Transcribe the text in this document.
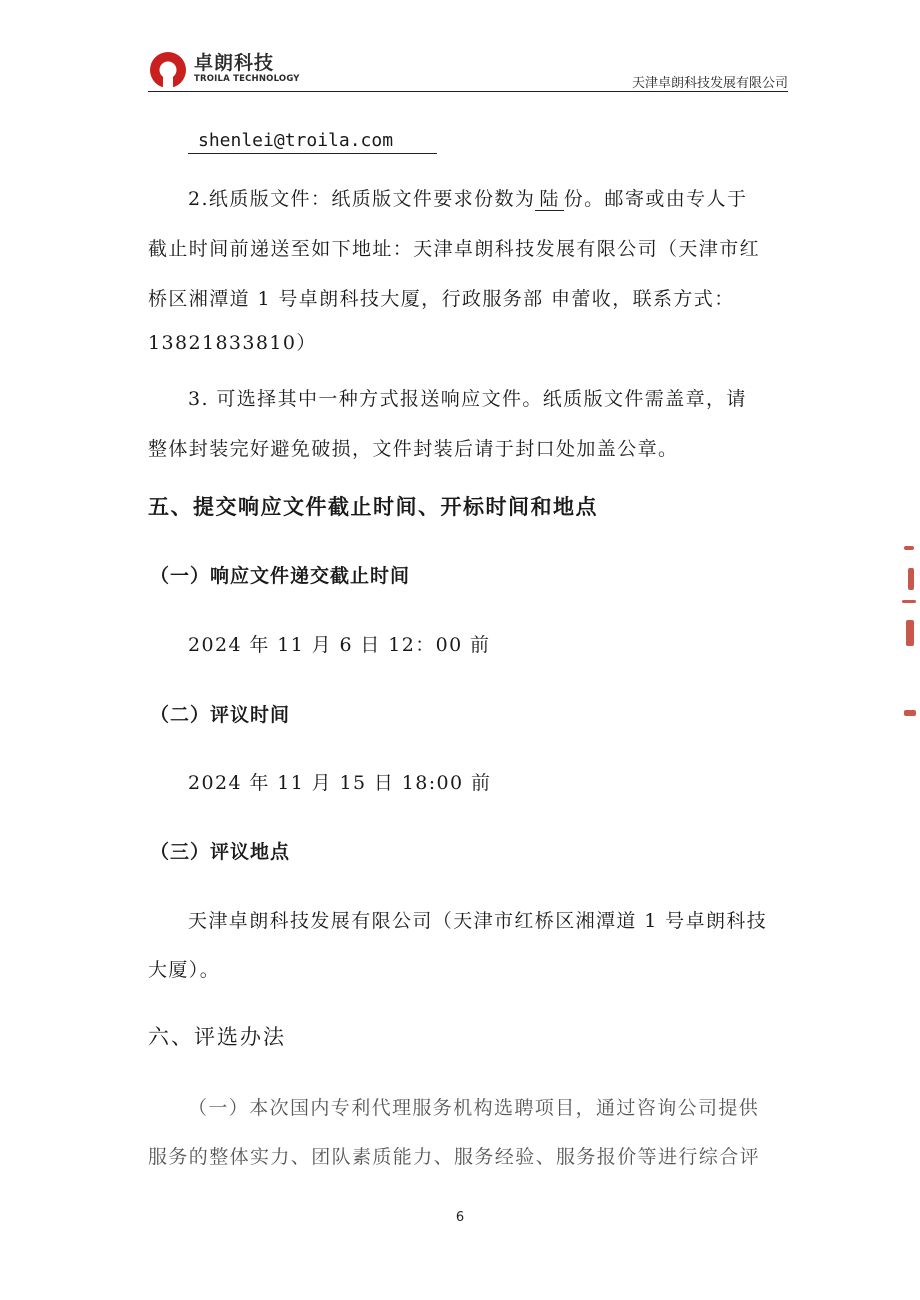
卓朗科技
TROILA TECHNOLOGY	天津卓朗科技发展有限公司
shenlei@troila.com
2.纸质版文件：纸质版文件要求份数为 陆 份。邮寄或由专人于
截止时间前递送至如下地址：天津卓朗科技发展有限公司（天津市红
桥区湘潭道 1 号卓朗科技大厦，行政服务部 申蕾收，联系方式：
13821833810）
3. 可选择其中一种方式报送响应文件。纸质版文件需盖章，请
整体封装完好避免破损，文件封装后请于封口处加盖公章。
五、提交响应文件截止时间、开标时间和地点
（一）响应文件递交截止时间
2024 年 11 月 6 日 12：00 前
（二）评议时间
2024 年 11 月 15 日 18:00 前
（三）评议地点
天津卓朗科技发展有限公司（天津市红桥区湘潭道 1 号卓朗科技
大厦）。
六、评选办法
（一）本次国内专利代理服务机构选聘项目，通过咨询公司提供
服务的整体实力、团队素质能力、服务经验、服务报价等进行综合评
6
